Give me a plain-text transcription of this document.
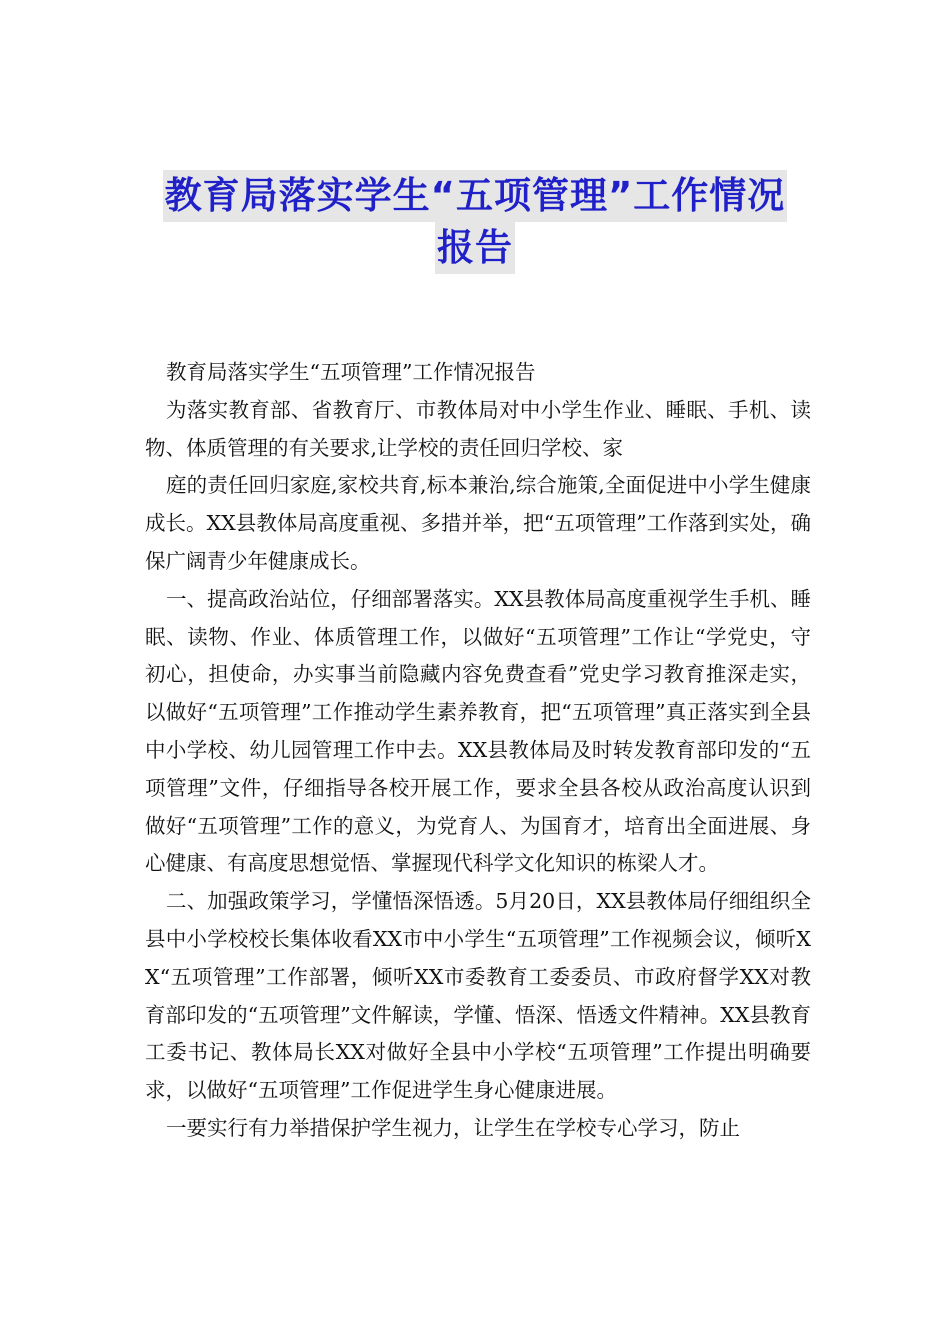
教育局落实学生“五项管理”工作情况
报告

教育局落实学生“五项管理”工作情况报告

为落实教育部、省教育厅、市教体局对中小学生作业、睡眠、手机、读物、体质管理的有关要求,让学校的责任回归学校、家

庭的责任回归家庭,家校共育,标本兼治,综合施策,全面促进中小学生健康成长。XX县教体局高度重视、多措并举，把“五项管理”工作落到实处，确保广阔青少年健康成长。

一、提高政治站位，仔细部署落实。XX县教体局高度重视学生手机、睡眠、读物、作业、体质管理工作，以做好“五项管理”工作让“学党史，守初心，担使命，办实事当前隐藏内容免费查看”党史学习教育推深走实，以做好“五项管理”工作推动学生素养教育，把“五项管理”真正落实到全县中小学校、幼儿园管理工作中去。XX县教体局及时转发教育部印发的“五项管理”文件，仔细指导各校开展工作，要求全县各校从政治高度认识到做好“五项管理”工作的意义，为党育人、为国育才，培育出全面进展、身心健康、有高度思想觉悟、掌握现代科学文化知识的栋梁人才。

二、加强政策学习，学懂悟深悟透。5月20日，XX县教体局仔细组织全县中小学校校长集体收看XX市中小学生“五项管理”工作视频会议，倾听XX“五项管理”工作部署，倾听XX市委教育工委委员、市政府督学XX对教育部印发的“五项管理”文件解读，学懂、悟深、悟透文件精神。XX县教育工委书记、教体局长XX对做好全县中小学校“五项管理”工作提出明确要求，以做好“五项管理”工作促进学生身心健康进展。

一要实行有力举措保护学生视力，让学生在学校专心学习，防止
